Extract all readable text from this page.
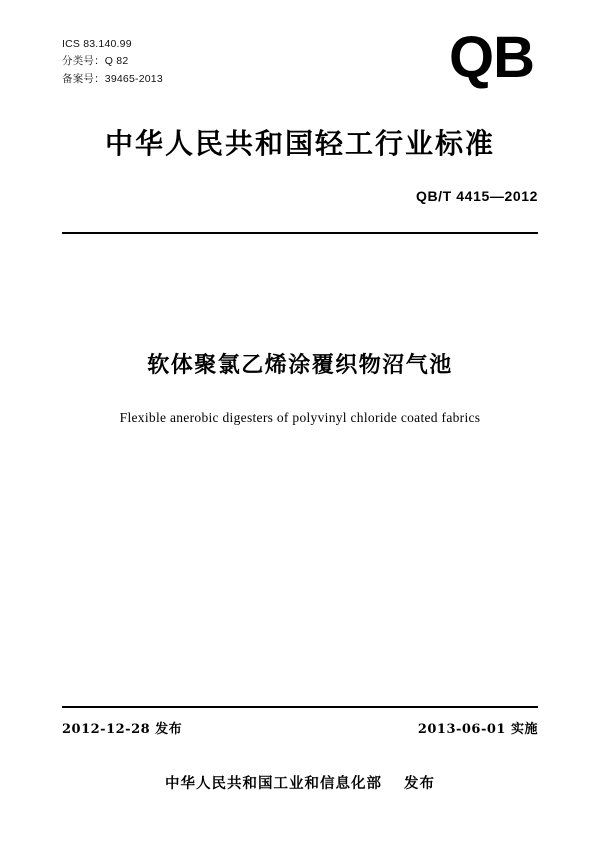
ICS 83.140.99
分类号：Q 82
备案号：39465-2013	QB
中华人民共和国轻工行业标准
QB/T 4415—2012
软体聚氯乙烯涂覆织物沼气池
Flexible anerobic digesters of polyvinyl chloride coated fabrics
2012-12-28 发布	2013-06-01 实施
中华人民共和国工业和信息化部 发布
